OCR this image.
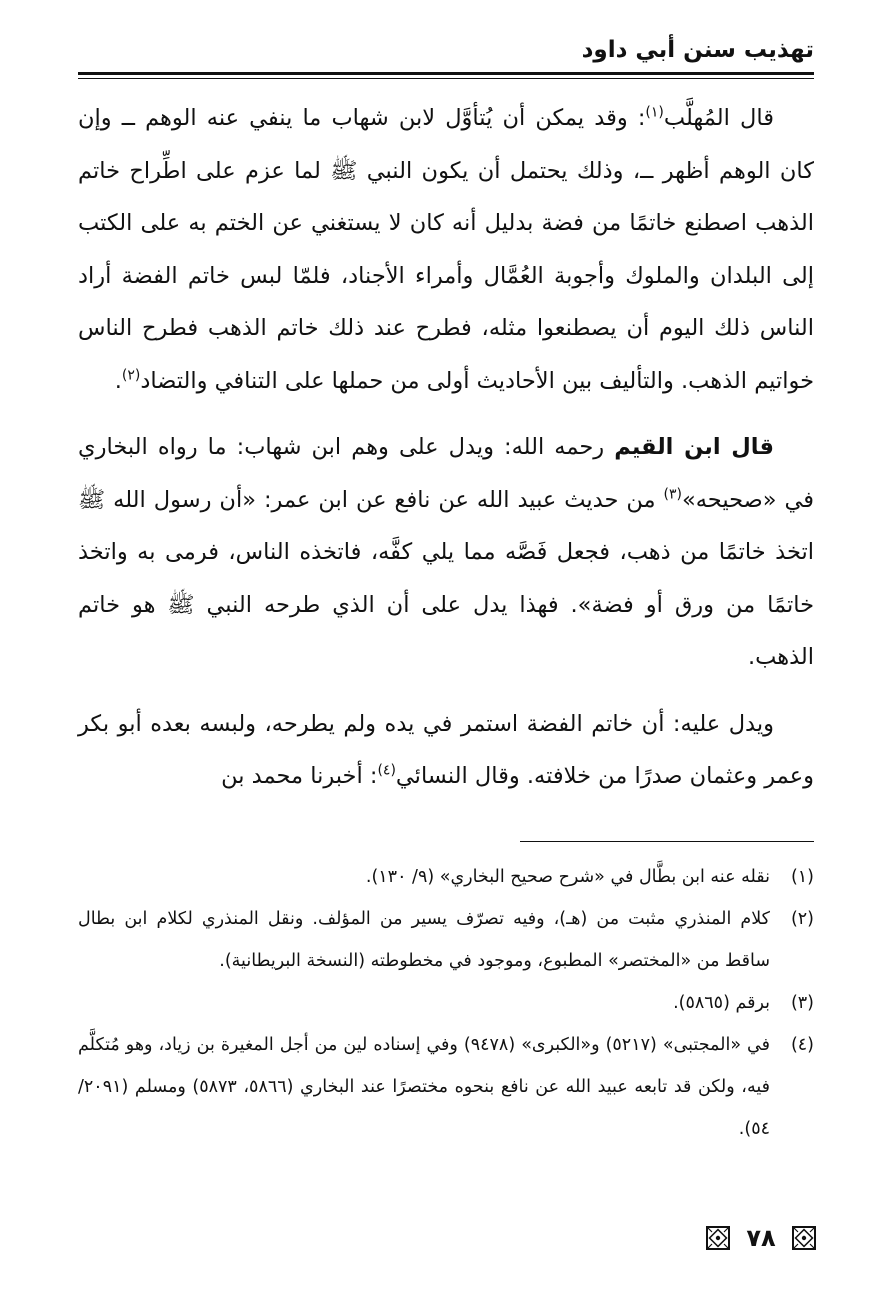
تهذيب سنن أبي داود

قال المُهلَّب$^{(١)}$: وقد يمكن أن يُتأوَّل لابن شهاب ما ينفي عنه الوهم ــ وإن كان الوهم أظهر ــ، وذلك يحتمل أن يكون النبي ﷺ لما عزم على اطِّراح خاتم الذهب اصطنع خاتمًا من فضة بدليل أنه كان لا يستغني عن الختم به على الكتب إلى البلدان والملوك وأجوبة العُمَّال وأمراء الأجناد، فلمّا لبس خاتم الفضة أراد الناس ذلك اليوم أن يصطنعوا مثله، فطرح عند ذلك خاتم الذهب فطرح الناس خواتيم الذهب. والتأليف بين الأحاديث أولى من حملها على التنافي والتضاد$^{(٢)}$.

قال ابن القيم رحمه الله: ويدل على وهم ابن شهاب: ما رواه البخاري في «صحيحه»$^{(٣)}$ من حديث عبيد الله عن نافع عن ابن عمر: «أن رسول الله ﷺ اتخذ خاتمًا من ذهب، فجعل فَصَّه مما يلي كفَّه، فاتخذه الناس، فرمى به واتخذ خاتمًا من ورق أو فضة». فهذا يدل على أن الذي طرحه النبي ﷺ هو خاتم الذهب.

ويدل عليه: أن خاتم الفضة استمر في يده ولم يطرحه، ولبسه بعده أبو بكر وعمر وعثمان صدرًا من خلافته. وقال النسائي$^{(٤)}$: أخبرنا محمد بن

(١)
نقله عنه ابن بطَّال في «شرح صحيح البخاري» (٩/ ١٣٠).
(٢)
كلام المنذري مثبت من (هـ)، وفيه تصرّف يسير من المؤلف. ونقل المنذري لكلام ابن بطال ساقط من «المختصر» المطبوع، وموجود في مخطوطته (النسخة البريطانية).
(٣)
برقم (٥٨٦٥).
(٤)
في «المجتبى» (٥٢١٧) و«الكبرى» (٩٤٧٨) وفي إسناده لين من أجل المغيرة بن زياد، وهو مُتكلَّم فيه، ولكن قد تابعه عبيد الله عن نافع بنحوه مختصرًا عند البخاري (٥٨٦٦، ٥٨٧٣) ومسلم (٢٠٩١/ ٥٤).
٧٨
